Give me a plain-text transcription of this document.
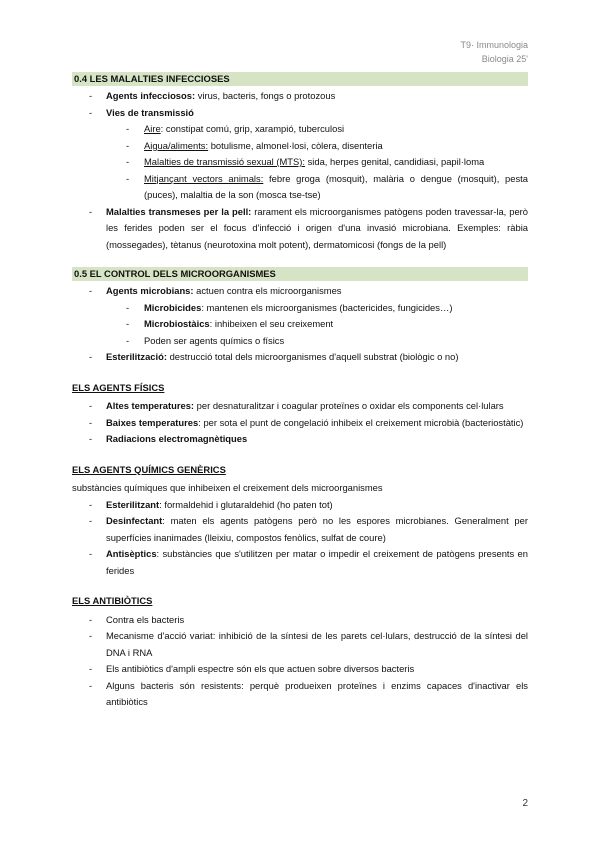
T9· Immunologia
Biologia 25'
0.4 LES MALALTIES INFECCIOSES
- Agents infecciosos: virus, bacteris, fongs o protozous
- Vies de transmissió
- Aire: constipat comú, grip, xarampió, tuberculosi
- Aigua/aliments: botulisme, almonel·losi, còlera, disenteria
- Malalties de transmissió sexual (MTS): sida, herpes genital, candidiasi, papil·loma
- Mitjançant vectors animals: febre groga (mosquit), malària o dengue (mosquit), pesta (puces), malaltia de la son (mosca tse-tse)
- Malalties transmeses per la pell: rarament els microorganismes patògens poden travessar-la, però les ferides poden ser el focus d'infecció i origen d'una invasió microbiana. Exemples: ràbia (mossegades), tètanus (neurotoxina molt potent), dermatomicosi (fongs de la pell)
0.5 EL CONTROL DELS MICROORGANISMES
- Agents microbians: actuen contra els microorganismes
- Microbicides: mantenen els microorganismes (bactericides, fungicides…)
- Microbiostàics: inhibeixen el seu creixement
- Poden ser agents químics o físics
- Esterilització: destrucció total dels microorganismes d'aquell substrat (biològic o no)
ELS AGENTS FÍSICS
- Altes temperatures: per desnaturalitzar i coagular proteïnes o oxidar els components cel·lulars
- Baixes temperatures: per sota el punt de congelació inhibeix el creixement microbià (bacteriostàtic)
- Radiacions electromagnètiques
ELS AGENTS QUÍMICS GENÈRICS

substàncies químiques que inhibeixen el creixement dels microorganismes

- Esterilitzant: formaldehid i glutaraldehid (ho paten tot)
- Desinfectant: maten els agents patògens però no les espores microbianes. Generalment per superfícies inanimades (lleixiu, compostos fenòlics, sulfat de coure)
- Antisèptics: substàncies que s'utilitzen per matar o impedir el creixement de patògens presents en ferides
ELS ANTIBIÒTICS
- Contra els bacteris
- Mecanisme d'acció variat: inhibició de la síntesi de les parets cel·lulars, destrucció de la síntesi del DNA i RNA
- Els antibiòtics d'ampli espectre són els que actuen sobre diversos bacteris
- Alguns bacteris són resistents: perquè produeixen proteïnes i enzims capaces d'inactivar els antibiòtics
2
